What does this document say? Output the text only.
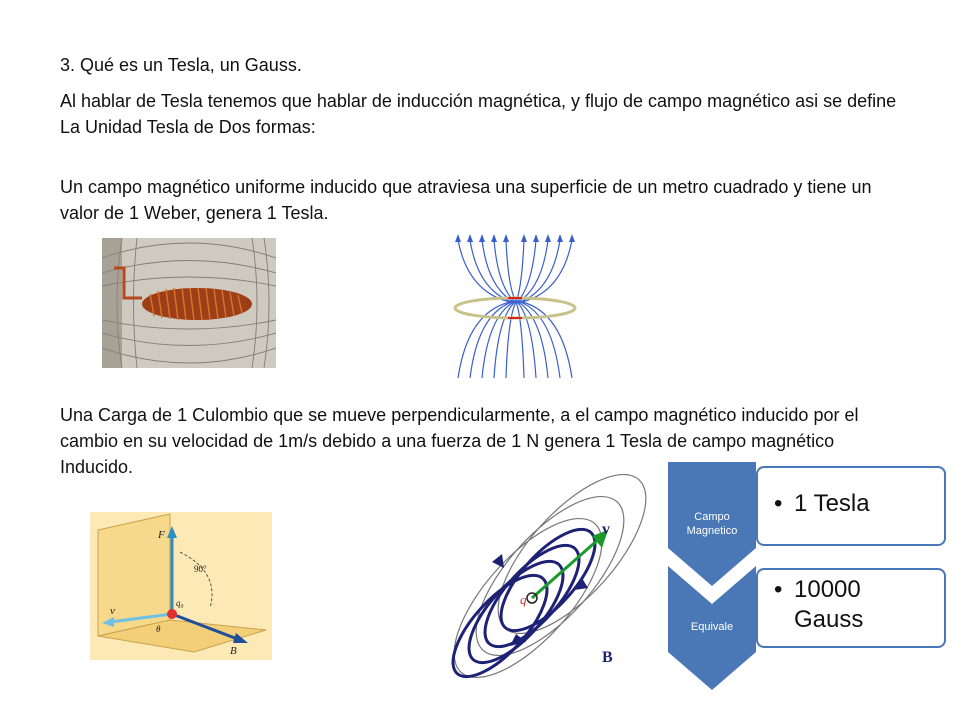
3. Qué es un Tesla, un Gauss.

Al hablar de Tesla tenemos que hablar de inducción magnética, y flujo de campo magnético asi se define La Unidad Tesla de Dos formas:

Un campo magnético uniforme inducido que atraviesa una superficie de un metro cuadrado y tiene un valor de 1 Weber, genera 1 Tesla.

Una Carga de 1 Culombio que se mueve perpendicularmente, a el campo magnético inducido por el cambio en su velocidad de 1m/s debido a una fuerza de 1 N genera 1 Tesla de campo magnético Inducido.

F
90°
q₀
v
θ
B
v
q
B
Campo
Magnetico
Equivale
• 1 Tesla
• 10000
Gauss
